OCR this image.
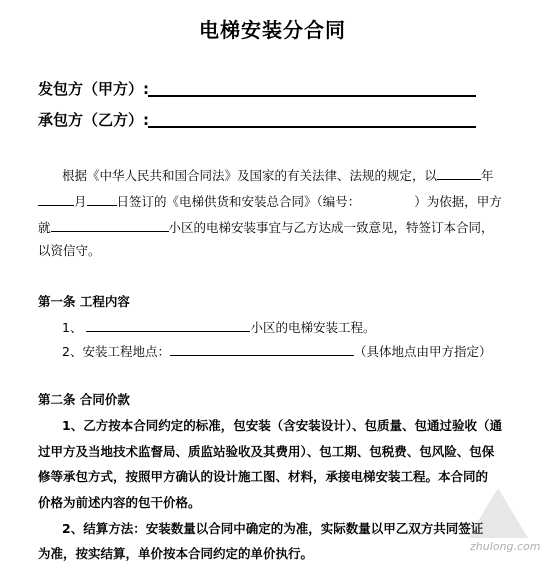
电梯安装分合同
发包方（甲方）:
承包方（乙方）:
根据《中华人民共和国合同法》及国家的有关法律、法规的规定，以	年
月 日签订的《电梯供货和安装总合同》（编号：	）为依据，甲方
就	小区的电梯安装事宜与乙方达成一致意见，特签订本合同，
以资信守。
第一条 工程内容
1、	小区的电梯安装工程。
2、安装工程地点：	（具体地点由甲方指定）
第二条 合同价款
1、乙方按本合同约定的标准，包安装（含安装设计）、包质量、包通过验收（通
过甲方及当地技术监督局、质监站验收及其费用）、包工期、包税费、包风险、包保
修等承包方式，按照甲方确认的设计施工图、材料，承接电梯安装工程。本合同的
价格为前述内容的包干价格。
2、结算方法：安装数量以合同中确定的为准，实际数量以甲乙双方共同签证
为准，按实结算，单价按本合同约定的单价执行。	zhulong.com
